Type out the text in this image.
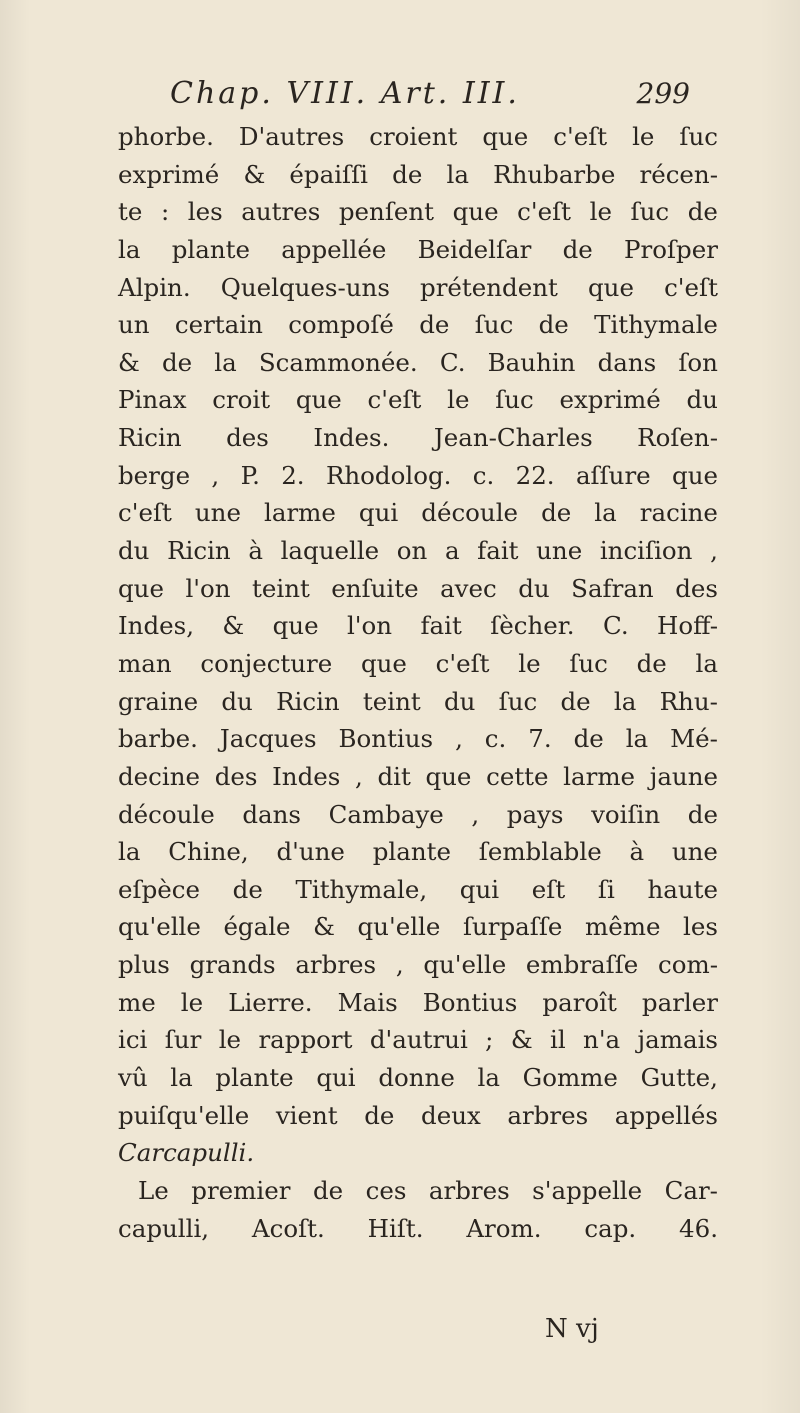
Chap. VIII. Art. III.	299
phorbe. D'autres croient que c'eſt le ſuc
exprimé & épaiſſi de la Rhubarbe récen-
te : les autres penſent que c'eſt le ſuc de
la plante appellée Beidelſar de Proſper
Alpin. Quelques-uns prétendent que c'eſt
un certain compoſé de ſuc de Tithymale
& de la Scammonée. C. Bauhin dans ſon
Pinax croit que c'eſt le ſuc exprimé du
Ricin des Indes. Jean-Charles Roſen-
berge , P. 2. Rhodolog. c. 22. aſſure que
c'eſt une larme qui découle de la racine
du Ricin à laquelle on a fait une inciſion ,
que l'on teint enſuite avec du Safran des
Indes, & que l'on fait ſècher. C. Hoff-
man conjecture que c'eſt le ſuc de la
graine du Ricin teint du ſuc de la Rhu-
barbe. Jacques Bontius , c. 7. de la Mé-
decine des Indes , dit que cette larme jaune
découle dans Cambaye , pays voiſin de
la Chine, d'une plante ſemblable à une
eſpèce de Tithymale, qui eſt ſi haute
qu'elle égale & qu'elle ſurpaſſe même les
plus grands arbres , qu'elle embraſſe com-
me le Lierre. Mais Bontius paroît parler
ici ſur le rapport d'autrui ; & il n'a jamais
vû la plante qui donne la Gomme Gutte,
puiſqu'elle vient de deux arbres appellés
Carcapulli.
Le premier de ces arbres s'appelle Car-
capulli, Acoſt. Hiſt. Arom. cap. 46.
N vj
